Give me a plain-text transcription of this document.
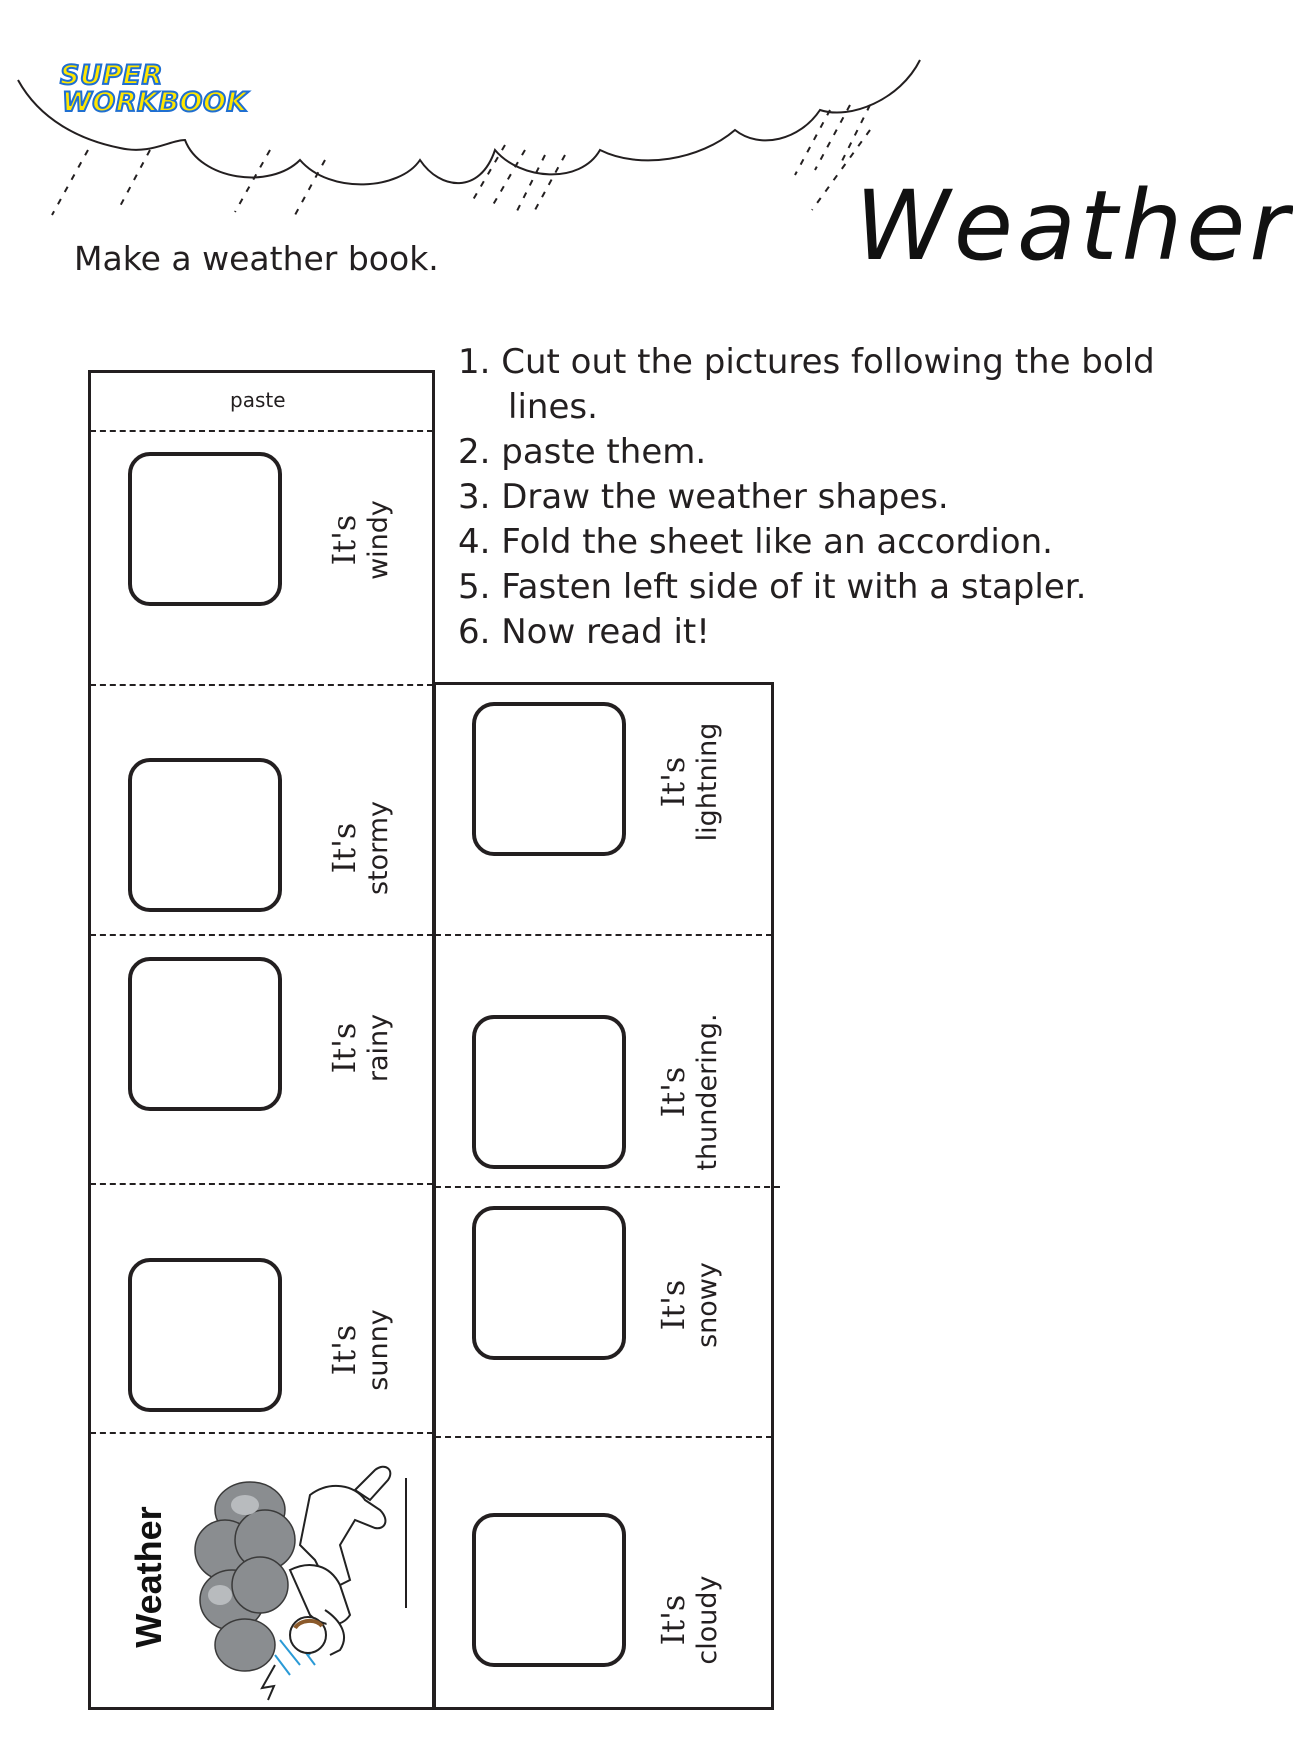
SUPER
WORKBOOK
Weather
Make a weather book.
1. Cut out the pictures following the bold
lines.
2. paste them.
3. Draw the weather shapes.
4. Fold the sheet like an accordion.
5. Fasten left side of it with a stapler.
6. Now read it!
paste
It's windy
It's stormy
It's rainy
It's sunny
It's lightning
It's thundering.
It's snowy
It's cloudy
Weather
